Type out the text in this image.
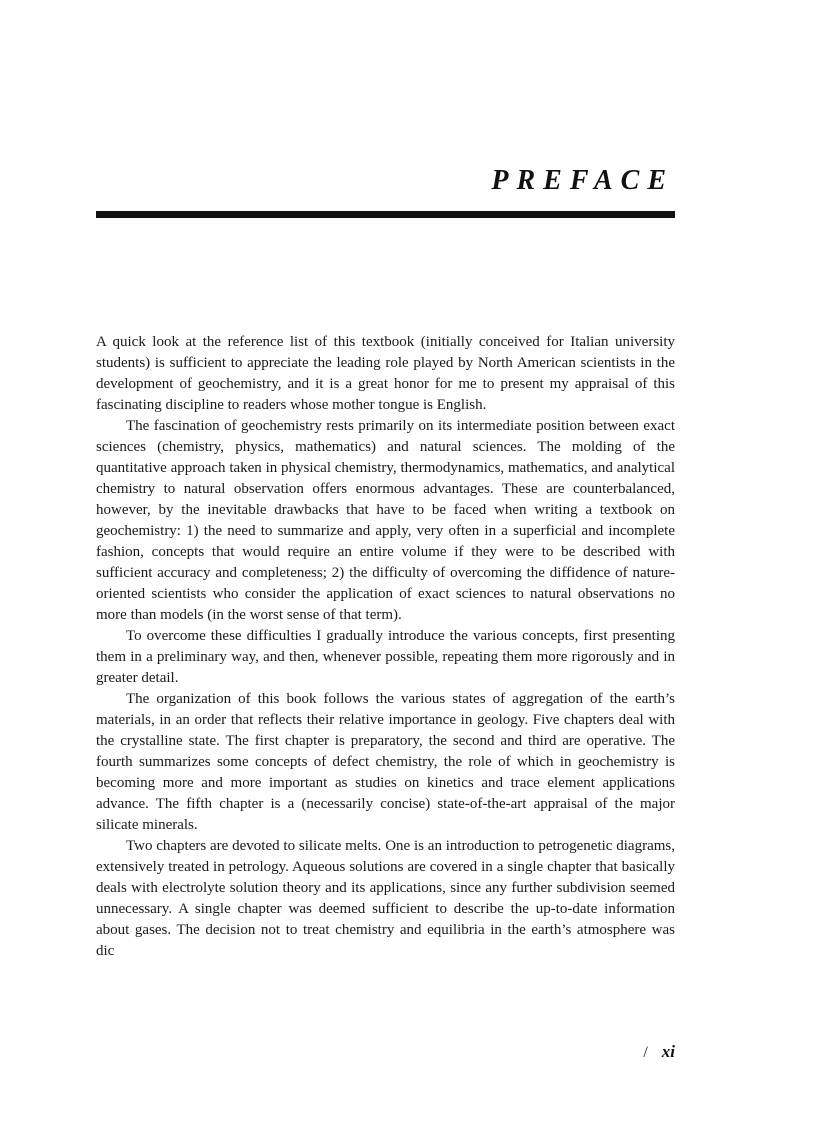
PREFACE

A quick look at the reference list of this textbook (initially conceived for Italian university students) is sufficient to appreciate the leading role played by North American scientists in the development of geochemistry, and it is a great honor for me to present my appraisal of this fascinating discipline to readers whose mother tongue is English.

The fascination of geochemistry rests primarily on its intermediate position between exact sciences (chemistry, physics, mathematics) and natural sciences. The molding of the quantitative approach taken in physical chemistry, thermodynamics, mathematics, and analytical chemistry to natural observation offers enormous advantages. These are counterbalanced, however, by the inevitable drawbacks that have to be faced when writing a textbook on geochemistry: 1) the need to summarize and apply, very often in a superficial and incomplete fashion, concepts that would require an entire volume if they were to be described with sufficient accuracy and completeness; 2) the difficulty of overcoming the diffidence of nature-oriented scientists who consider the application of exact sciences to natural observations no more than models (in the worst sense of that term).

To overcome these difficulties I gradually introduce the various concepts, first presenting them in a preliminary way, and then, whenever possible, repeating them more rigorously and in greater detail.

The organization of this book follows the various states of aggregation of the earth’s materials, in an order that reflects their relative importance in geology. Five chapters deal with the crystalline state. The first chapter is preparatory, the second and third are operative. The fourth summarizes some concepts of defect chemistry, the role of which in geochemistry is becoming more and more important as studies on kinetics and trace element applications advance. The fifth chapter is a (necessarily concise) state-of-the-art appraisal of the major silicate minerals.

Two chapters are devoted to silicate melts. One is an introduction to petrogenetic diagrams, extensively treated in petrology. Aqueous solutions are covered in a single chapter that basically deals with electrolyte solution theory and its applications, since any further subdivision seemed unnecessary. A single chapter was deemed sufficient to describe the up-to-date information about gases. The decision not to treat chemistry and equilibria in the earth’s atmosphere was dic

/ xi
